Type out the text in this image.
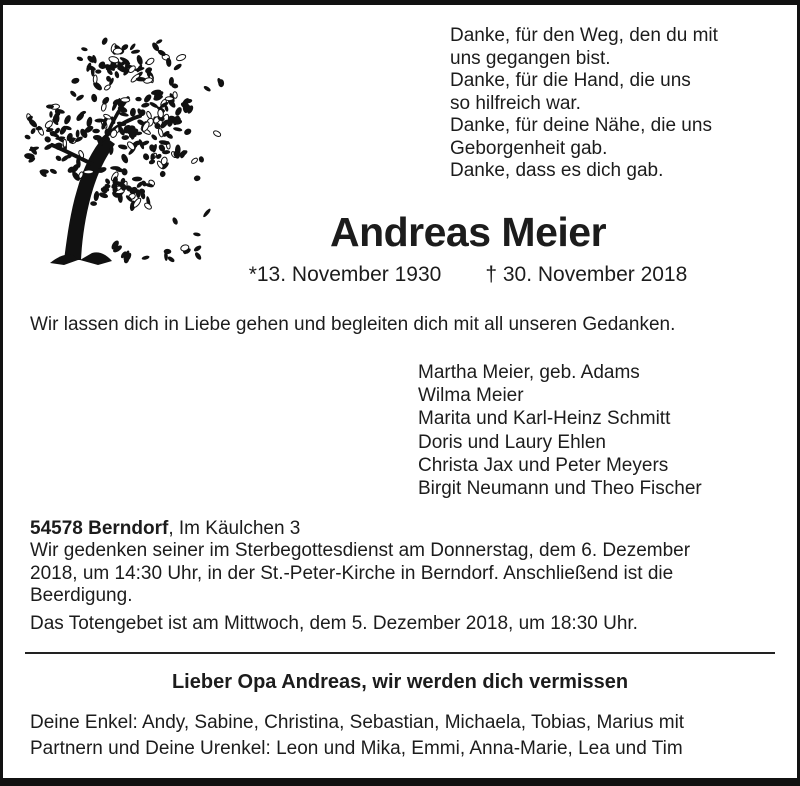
Danke, für den Weg, den du mit
uns gegangen bist.
Danke, für die Hand, die uns
so hilfreich war.
Danke, für deine Nähe, die uns
Geborgenheit gab.
Danke, dass es dich gab.
Andreas Meier
*13. November 1930 † 30. November 2018
Wir lassen dich in Liebe gehen und begleiten dich mit all unseren Gedanken.
Martha Meier, geb. Adams
Wilma Meier
Marita und Karl-Heinz Schmitt
Doris und Laury Ehlen
Christa Jax und Peter Meyers
Birgit Neumann und Theo Fischer
54578 Berndorf, Im Käulchen 3
Wir gedenken seiner im Sterbegottesdienst am Donnerstag, dem 6. Dezember
2018, um 14:30 Uhr, in der St.-Peter-Kirche in Berndorf. Anschließend ist die
Beerdigung.
Das Totengebet ist am Mittwoch, dem 5. Dezember 2018, um 18:30 Uhr.
Lieber Opa Andreas, wir werden dich vermissen
Deine Enkel: Andy, Sabine, Christina, Sebastian, Michaela, Tobias, Marius mit
Partnern und Deine Urenkel: Leon und Mika, Emmi, Anna-Marie, Lea und Tim
